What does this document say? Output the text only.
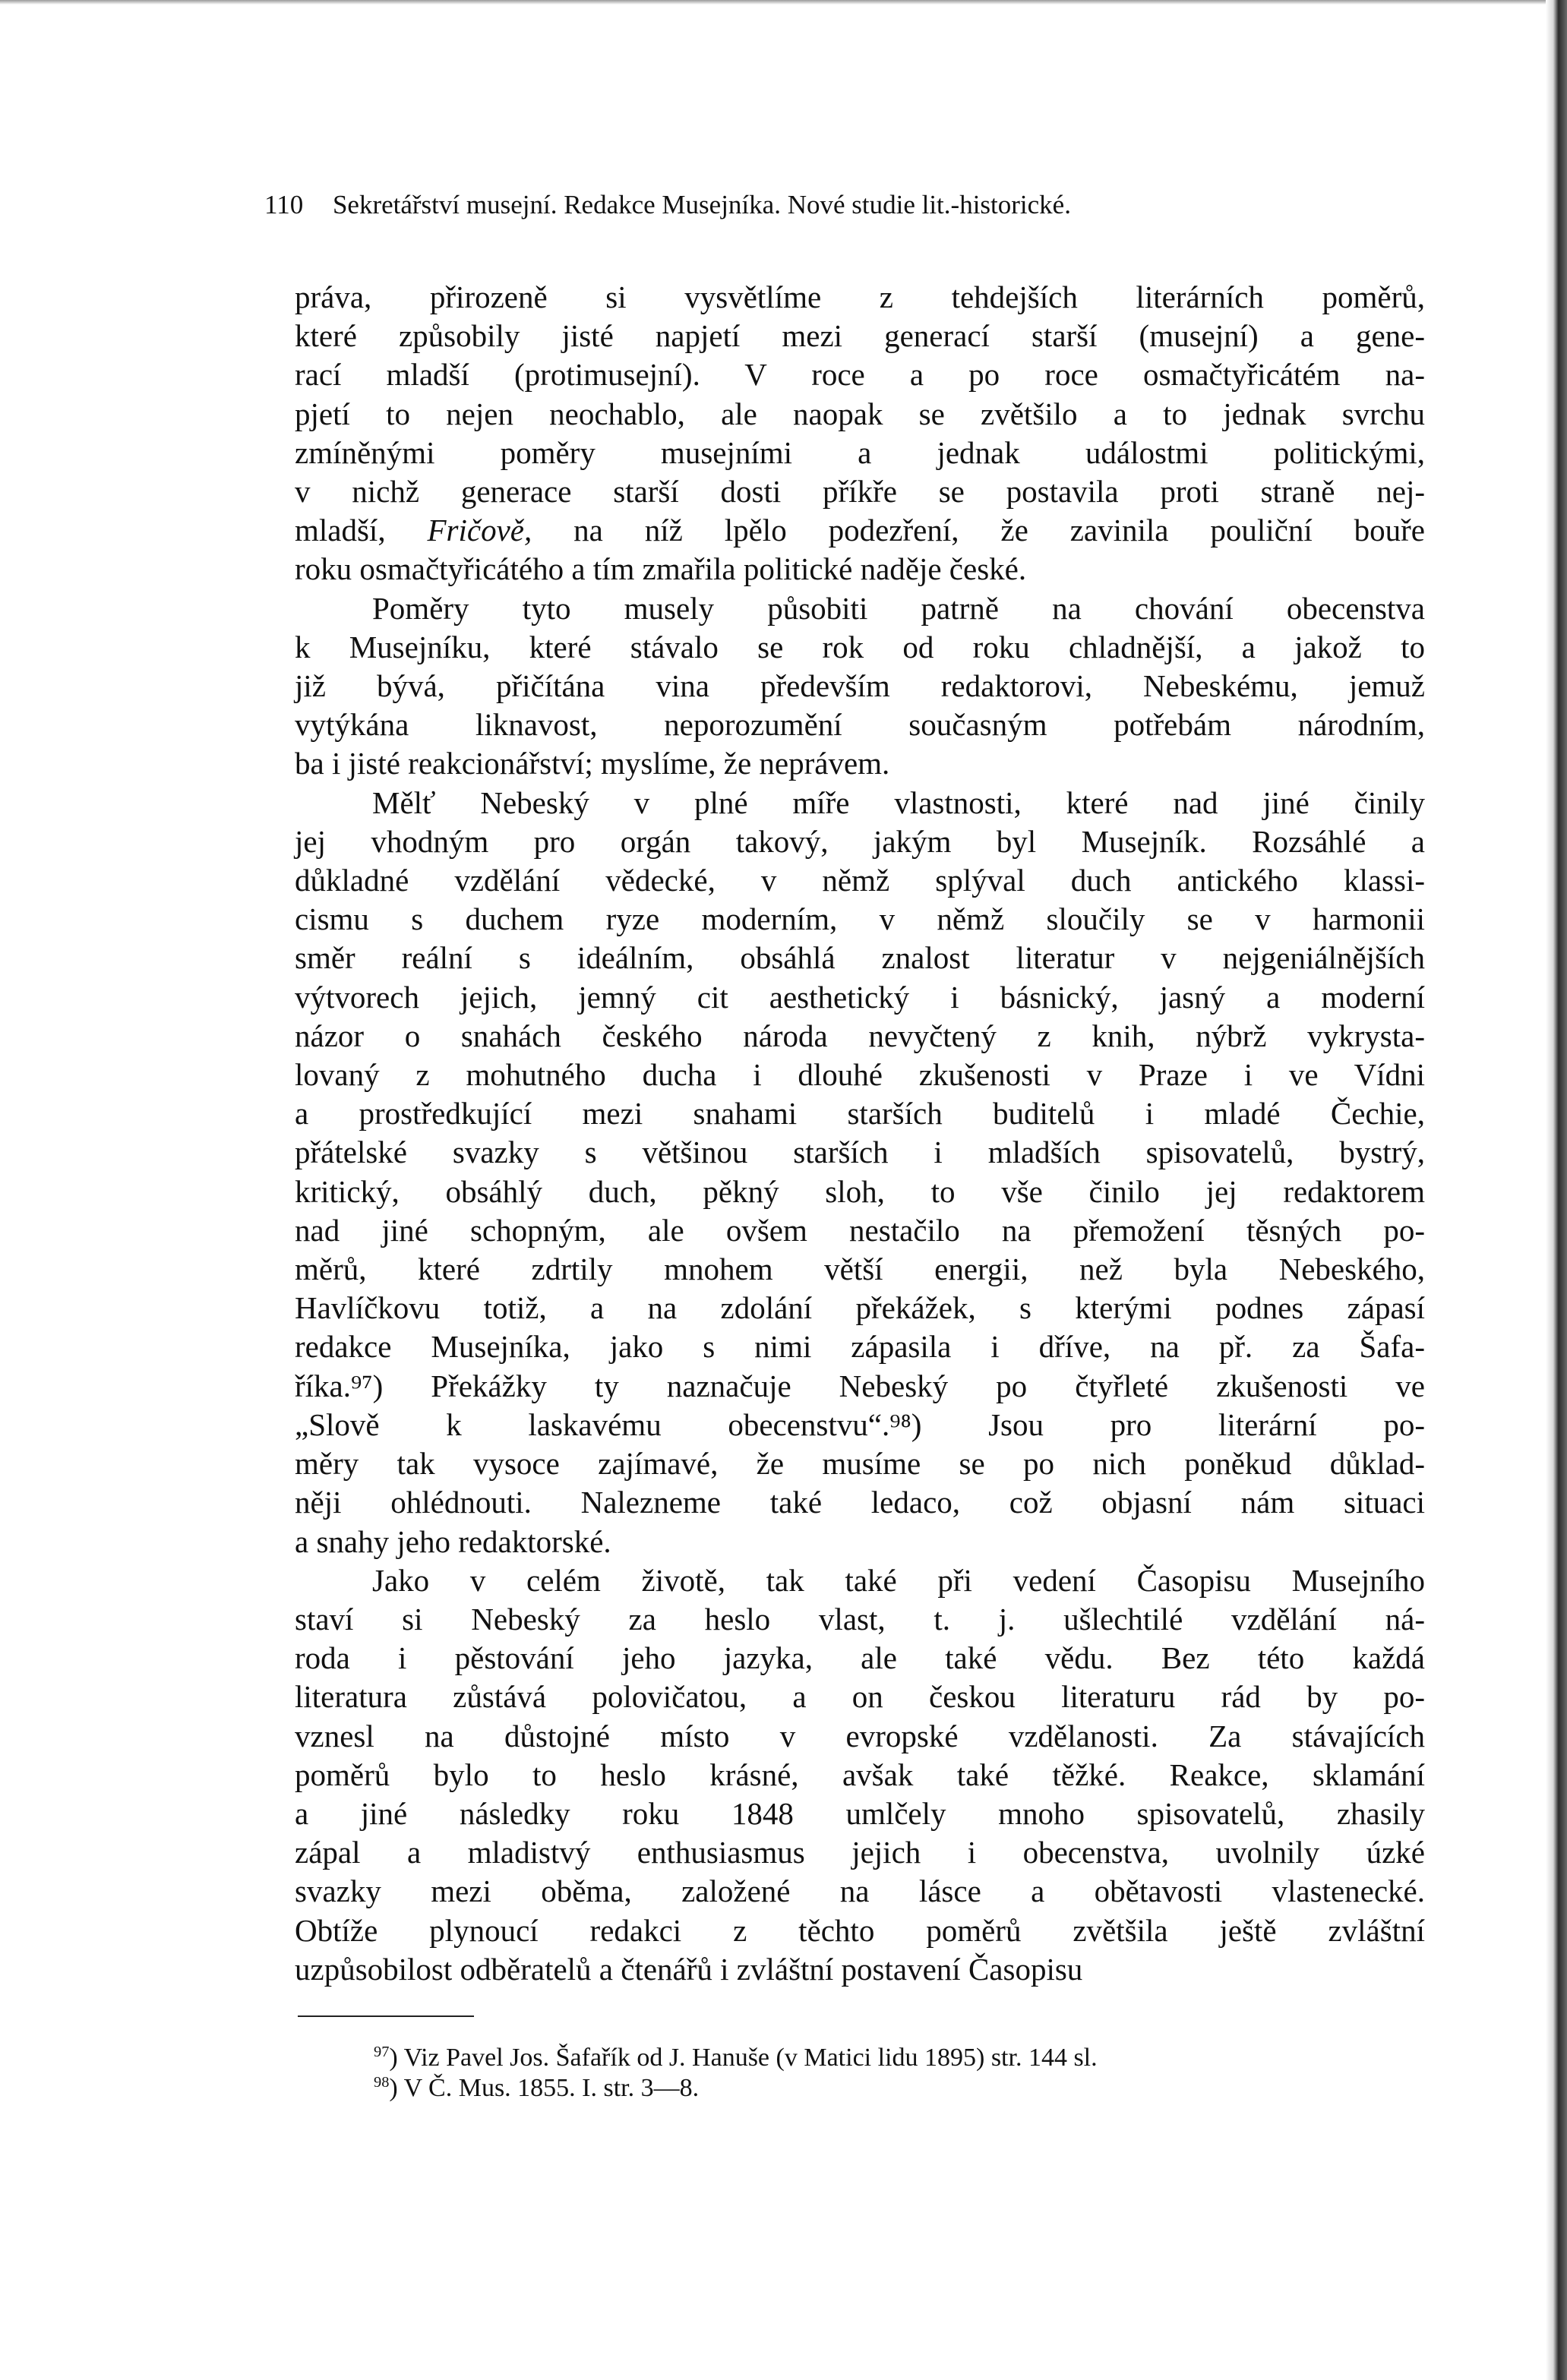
110 Sekretářství musejní. Redakce Musejníka. Nové studie lit.-historické.
práva, přirozeně si vysvětlíme z tehdejších literárních poměrů,
které způsobily jisté napjetí mezi generací starší (musejní) a gene-
rací mladší (protimusejní). V roce a po roce osmačtyřicátém na-
pjetí to nejen neochablo, ale naopak se zvětšilo a to jednak svrchu
zmíněnými poměry musejními a jednak událostmi politickými,
v nichž generace starší dosti příkře se postavila proti straně nej-
mladší, Fričově, na níž lpělo podezření, že zavinila pouliční bouře
roku osmačtyřicátého a tím zmařila politické naděje české.
Poměry tyto musely působiti patrně na chování obecenstva
k Musejníku, které stávalo se rok od roku chladnější, a jakož to
již bývá, přičítána vina především redaktorovi, Nebeskému, jemuž
vytýkána liknavost, neporozumění současným potřebám národním,
ba i jisté reakcionářství; myslíme, že neprávem.
Mělť Nebeský v plné míře vlastnosti, které nad jiné činily
jej vhodným pro orgán takový, jakým byl Musejník. Rozsáhlé a
důkladné vzdělání vědecké, v němž splýval duch antického klassi-
cismu s duchem ryze moderním, v němž sloučily se v harmonii
směr reální s ideálním, obsáhlá znalost literatur v nejgeniálnějších
výtvorech jejich, jemný cit aesthetický i básnický, jasný a moderní
názor o snahách českého národa nevyčtený z knih, nýbrž vykrysta-
lovaný z mohutného ducha i dlouhé zkušenosti v Praze i ve Vídni
a prostředkující mezi snahami starších buditelů i mladé Čechie,
přátelské svazky s většinou starších i mladších spisovatelů, bystrý,
kritický, obsáhlý duch, pěkný sloh, to vše činilo jej redaktorem
nad jiné schopným, ale ovšem nestačilo na přemožení těsných po-
měrů, které zdrtily mnohem větší energii, než byla Nebeského,
Havlíčkovu totiž, a na zdolání překážek, s kterými podnes zápasí
redakce Musejníka, jako s nimi zápasila i dříve, na př. za Šafa-
říka.⁹⁷) Překážky ty naznačuje Nebeský po čtyřleté zkušenosti ve
„Slově k laskavému obecenstvu“.⁹⁸) Jsou pro literární po-
měry tak vysoce zajímavé, že musíme se po nich poněkud důklad-
něji ohlédnouti. Nalezneme také ledaco, což objasní nám situaci
a snahy jeho redaktorské.
Jako v celém životě, tak také při vedení Časopisu Musejního
staví si Nebeský za heslo vlast, t. j. ušlechtilé vzdělání ná-
roda i pěstování jeho jazyka, ale také vědu. Bez této každá
literatura zůstává polovičatou, a on českou literaturu rád by po-
vznesl na důstojné místo v evropské vzdělanosti. Za stávajících
poměrů bylo to heslo krásné, avšak také těžké. Reakce, sklamání
a jiné následky roku 1848 umlčely mnoho spisovatelů, zhasily
zápal a mladistvý enthusiasmus jejich i obecenstva, uvolnily úzké
svazky mezi oběma, založené na lásce a obětavosti vlastenecké.
Obtíže plynoucí redakci z těchto poměrů zvětšila ještě zvláštní
uzpůsobilost odběratelů a čtenářů i zvláštní postavení Časopisu
$^{97}$) Viz Pavel Jos. Šafařík od J. Hanuše (v Matici lidu 1895) str. 144 sl.
$^{98}$) V Č. Mus. 1855. I. str. 3—8.
